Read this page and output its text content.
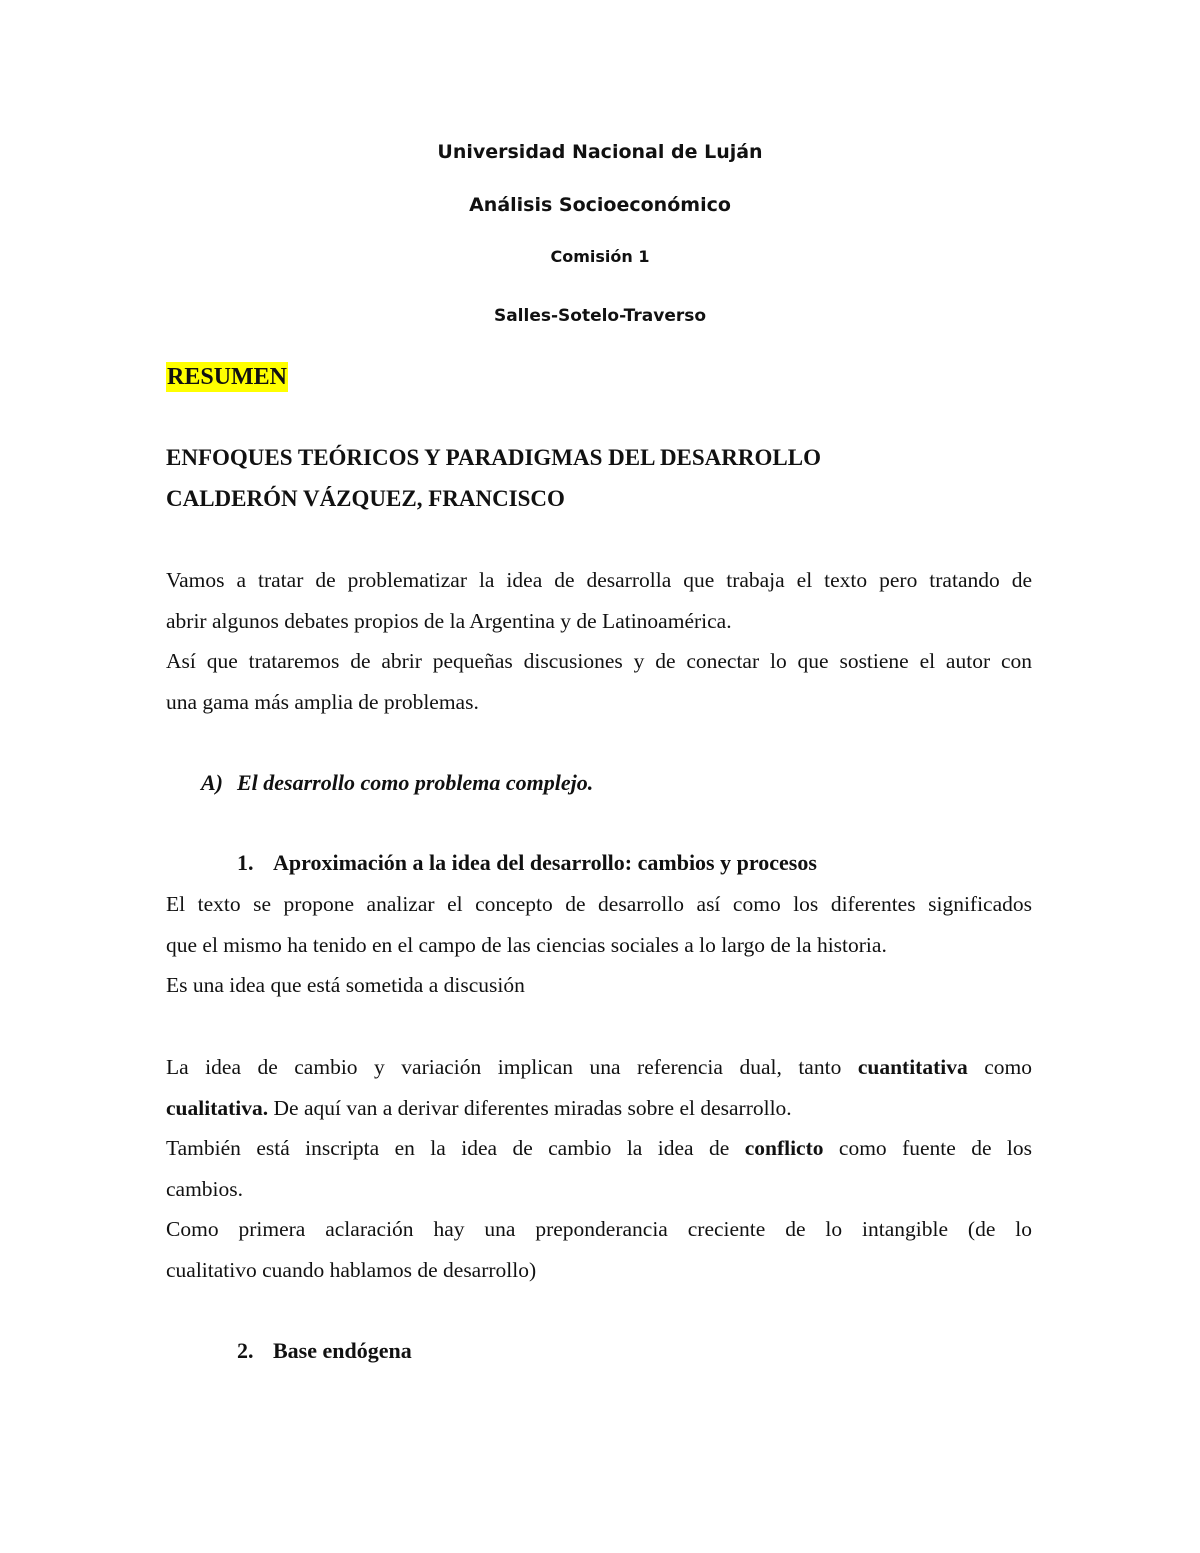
Universidad Nacional de Luján
Análisis Socioeconómico
Comisión 1
Salles-Sotelo-Traverso
RESUMEN
ENFOQUES TEÓRICOS Y PARADIGMAS DEL DESARROLLO
CALDERÓN VÁZQUEZ, FRANCISCO
Vamos a tratar de problematizar la idea de desarrolla que trabaja el texto pero tratando de
abrir algunos debates propios de la Argentina y de Latinoamérica.
Así que trataremos de abrir pequeñas discusiones y de conectar lo que sostiene el autor con
una gama más amplia de problemas.
A) El desarrollo como problema complejo.
1. Aproximación a la idea del desarrollo: cambios y procesos
El texto se propone analizar el concepto de desarrollo así como los diferentes significados
que el mismo ha tenido en el campo de las ciencias sociales a lo largo de la historia.
Es una idea que está sometida a discusión
La idea de cambio y variación implican una referencia dual, tanto cuantitativa como
cualitativa. De aquí van a derivar diferentes miradas sobre el desarrollo.
También está inscripta en la idea de cambio la idea de conflicto como fuente de los
cambios.
Como primera aclaración hay una preponderancia creciente de lo intangible (de lo
cualitativo cuando hablamos de desarrollo)
2. Base endógena
